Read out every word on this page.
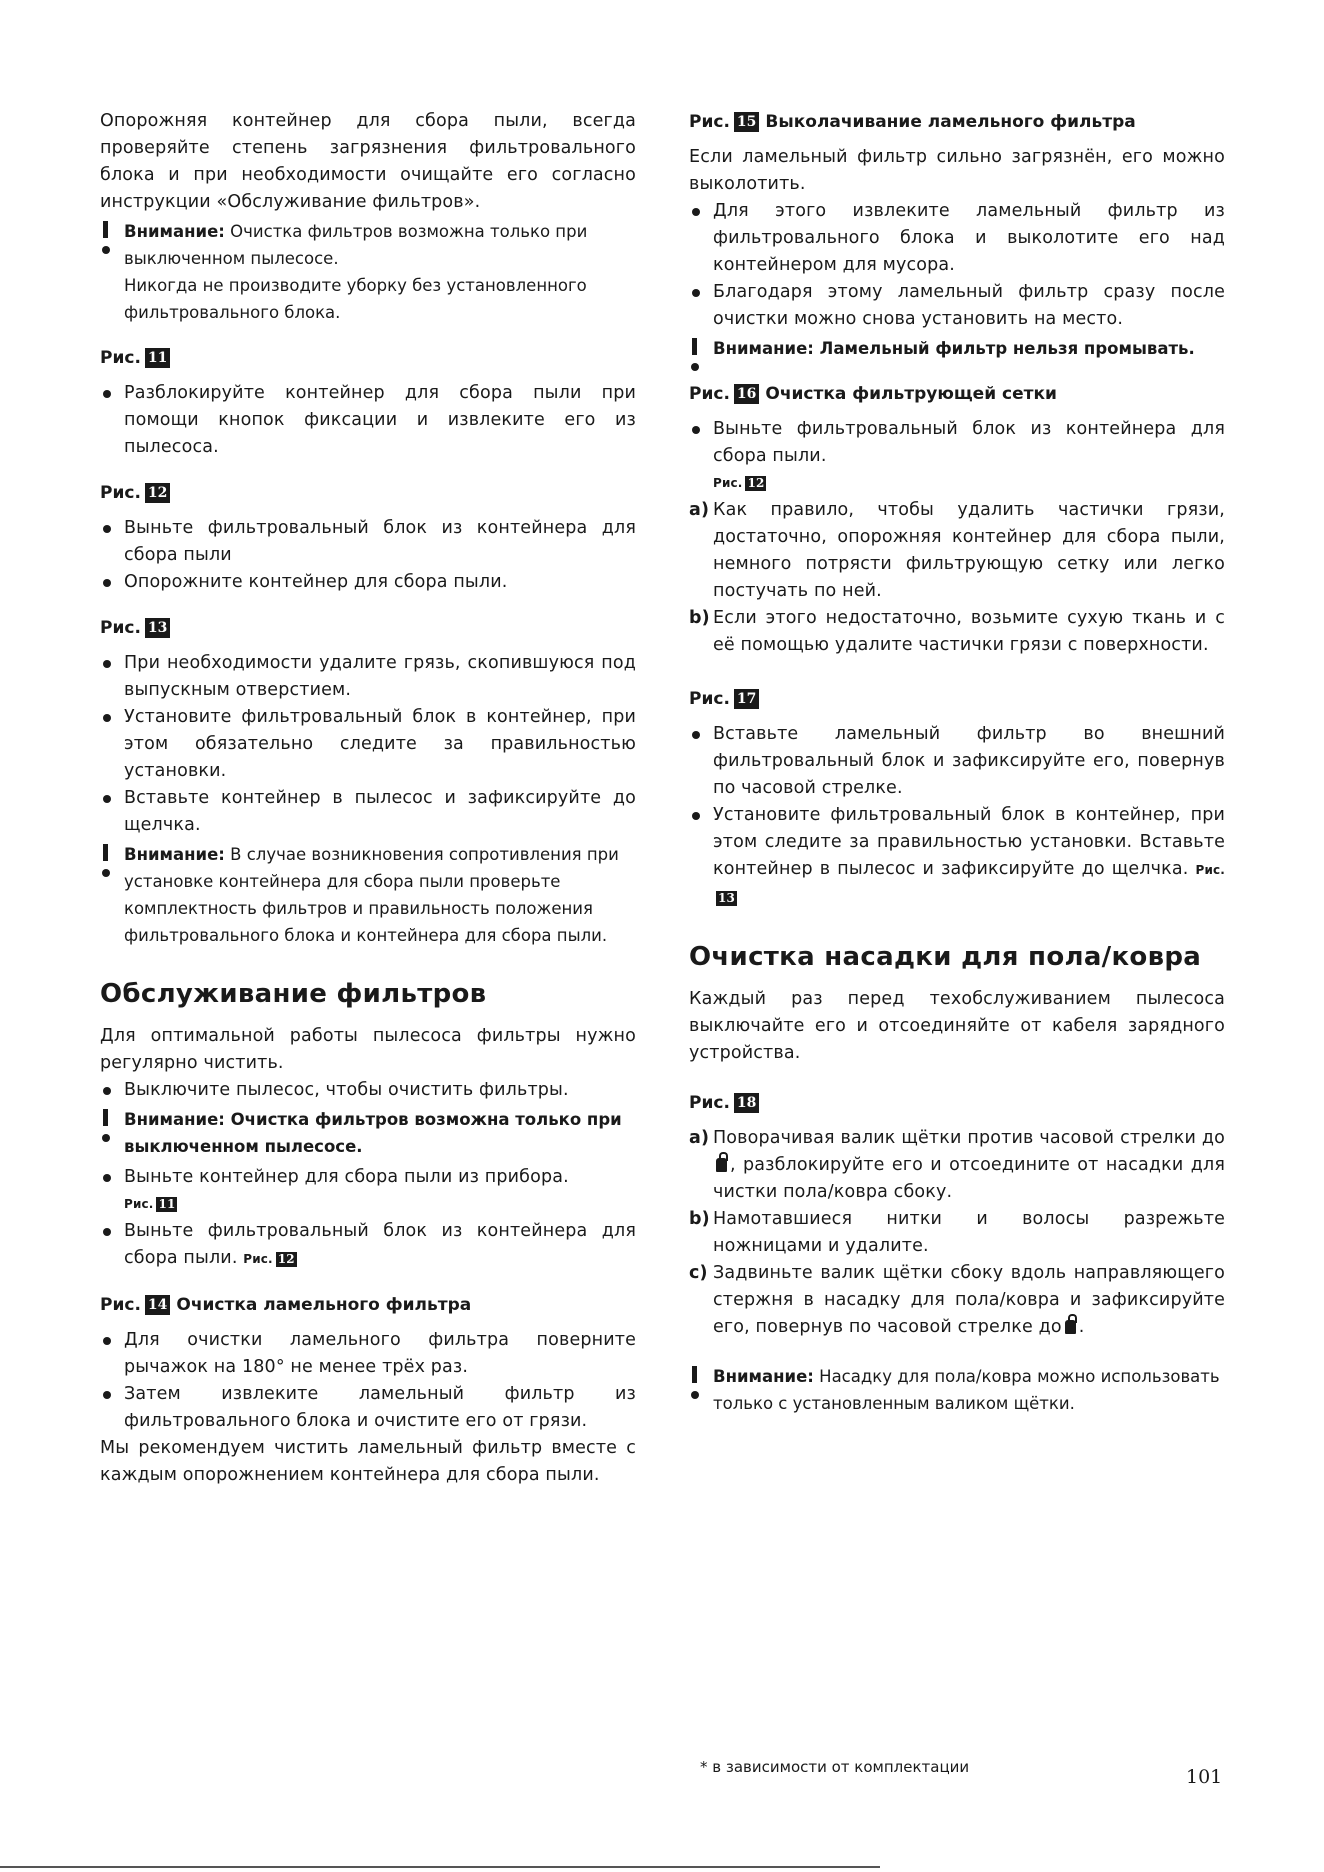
Опорожняя контейнер для сбора пыли, всегда проверяйте степень загрязнения фильтровального блока и при необходимости очищайте его согласно инструкции «Обслуживание фильтров».

Внимание: Очистка фильтров возможна только при выключенном пылесосе.
Никогда не производите уборку без установленного фильтровального блока.
Рис. 11
Разблокируйте контейнер для сбора пыли при помощи кнопок фиксации и извлеките его из пылесоса.
Рис. 12
Выньте фильтровальный блок из контейнера для сбора пыли
Опорожните контейнер для сбора пыли.
Рис. 13
При необходимости удалите грязь, скопившуюся под выпускным отверстием.
Установите фильтровальный блок в контейнер, при этом обязательно следите за правильностью установки.
Вставьте контейнер в пылесос и зафиксируйте до щелчка.
Внимание: В случае возникновения сопротивления при установке контейнера для сбора пыли проверьте комплектность фильтров и правильность положения фильтровального блока и контейнера для сбора пыли.
Обслуживание фильтров

Для оптимальной работы пылесоса фильтры нужно регулярно чистить.

Выключите пылесос, чтобы очистить фильтры.
Внимание: Очистка фильтров возможна только при выключенном пылесосе.
Выньте контейнер для сбора пыли из прибора.
Рис. 11
Выньте фильтровальный блок из контейнера для сбора пыли. Рис. 12
Рис. 14 Очистка ламельного фильтра
Для очистки ламельного фильтра поверните рычажок на 180° не менее трёх раз.
Затем извлеките ламельный фильтр из фильтровального блока и очистите его от грязи.

Мы рекомендуем чистить ламельный фильтр вместе с каждым опорожнением контейнера для сбора пыли.

Рис. 15 Выколачивание ламельного фильтра

Если ламельный фильтр сильно загрязнён, его можно выколотить.

Для этого извлеките ламельный фильтр из фильтровального блока и выколотите его над контейнером для мусора.
Благодаря этому ламельный фильтр сразу после очистки можно снова установить на место.
Внимание: Ламельный фильтр нельзя промывать.
Рис. 16 Очистка фильтрующей сетки
Выньте фильтровальный блок из контейнера для сбора пыли.
Рис. 12
a) Как правило, чтобы удалить частички грязи, достаточно, опорожняя контейнер для сбора пыли, немного потрясти фильтрующую сетку или легко постучать по ней.
b) Если этого недостаточно, возьмите сухую ткань и с её помощью удалите частички грязи с поверхности.
Рис. 17
Вставьте ламельный фильтр во внешний фильтровальный блок и зафиксируйте его, повернув по часовой стрелке.
Установите фильтровальный блок в контейнер, при этом следите за правильностью установки. Вставьте контейнер в пылесос и зафиксируйте до щелчка. Рис.13
Очистка насадки для пола/ковра

Каждый раз перед техобслуживанием пылесоса выключайте его и отсоединяйте от кабеля зарядного устройства.

Рис. 18
a) Поворачивая валик щётки против часовой стрелки до, разблокируйте его и отсоедините от насадки для чистки пола/ковра сбоку.
b) Намотавшиеся нитки и волосы разрежьте ножницами и удалите.
c) Задвиньте валик щётки сбоку вдоль направляющего стержня в насадку для пола/ковра и зафиксируйте его, повернув по часовой стрелке до .
Внимание: Насадку для пола/ковра можно использовать только с установленным валиком щётки.
* в зависимости от комплектации	101
